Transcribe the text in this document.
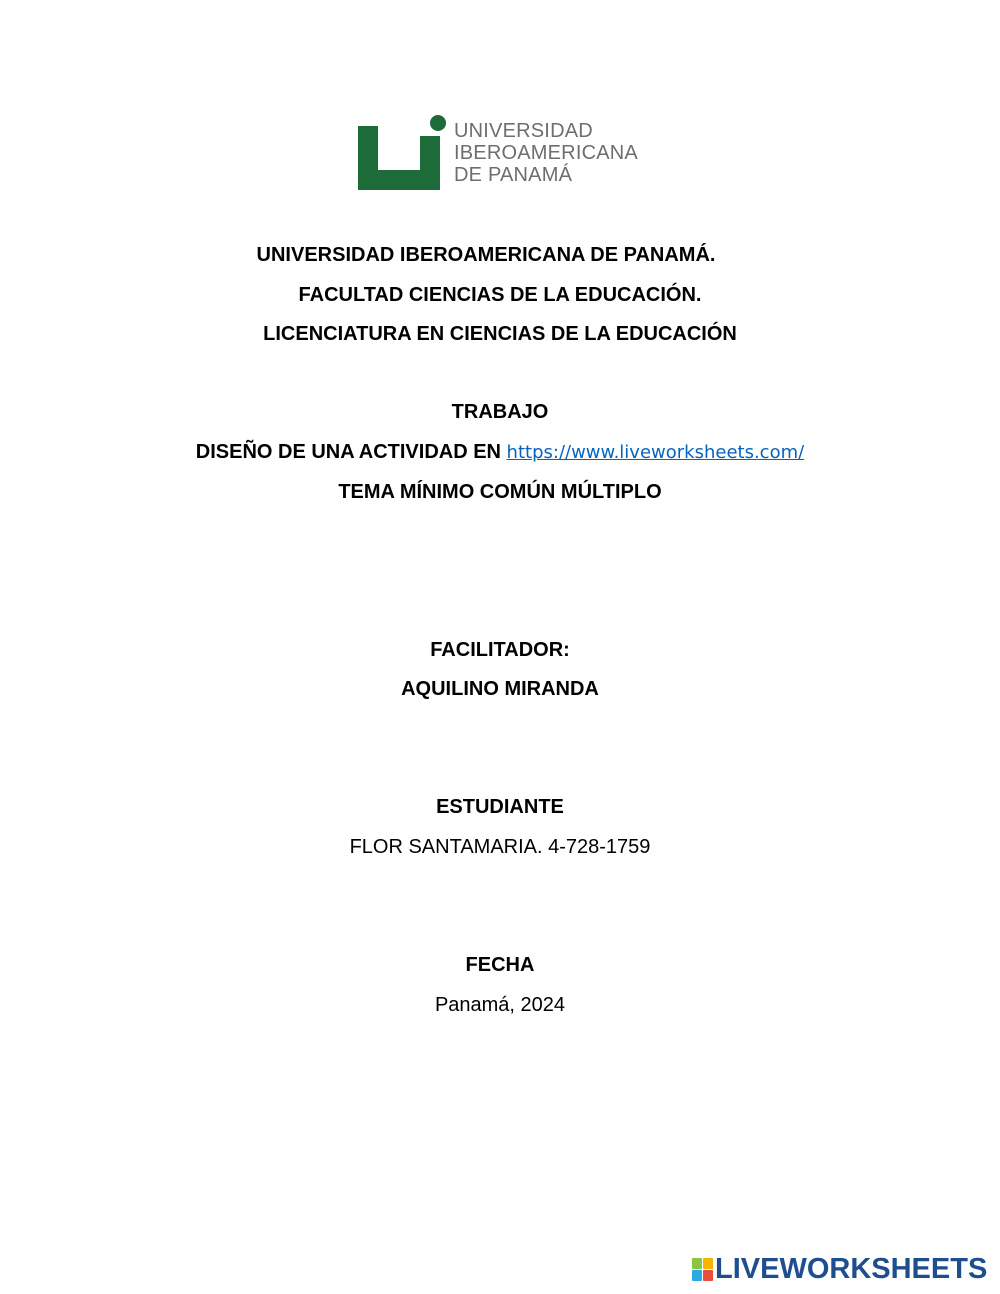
UNIVERSIDAD
IBEROAMERICANA
DE PANAMÁ
UNIVERSIDAD IBEROAMERICANA DE PANAMÁ.
FACULTAD CIENCIAS DE LA EDUCACIÓN.
LICENCIATURA EN CIENCIAS DE LA EDUCACIÓN
TRABAJO
DISEÑO DE UNA ACTIVIDAD EN https://www.liveworksheets.com/
TEMA MÍNIMO COMÚN MÚLTIPLO
FACILITADOR:
AQUILINO MIRANDA
ESTUDIANTE
FLOR SANTAMARIA. 4-728-1759
FECHA
Panamá, 2024
LIVEWORKSHEETS
